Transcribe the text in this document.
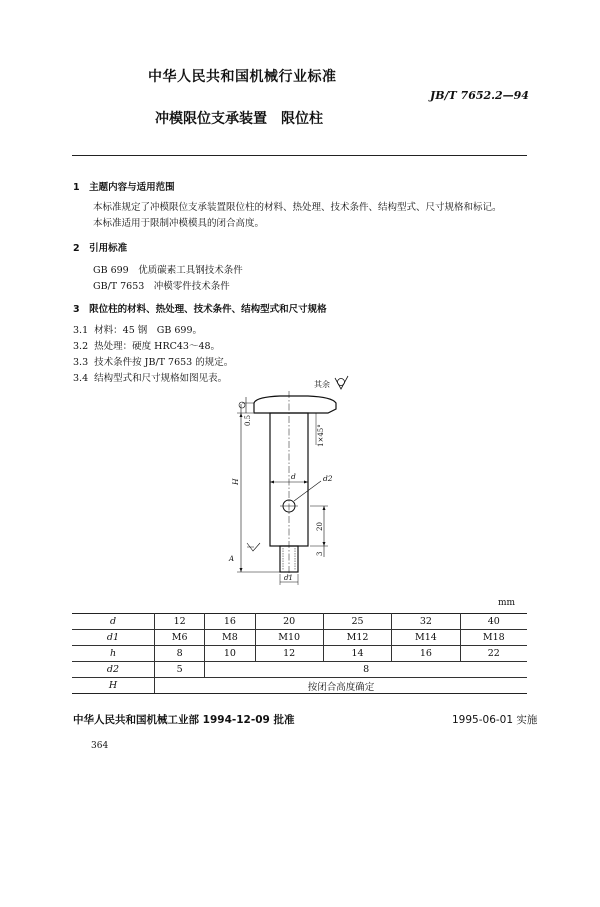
中华人民共和国机械行业标准
JB/T 7652.2—94
冲模限位支承装置　限位柱
1　主题内容与适用范围
本标准规定了冲模限位支承装置限位柱的材料、热处理、技术条件、结构型式、尺寸规格和标记。
本标准适用于限制冲模模具的闭合高度。
2　引用标准
GB 699　优质碳素工具钢技术条件
GB/T 7653　冲模零件技术条件
3　限位柱的材料、热处理、技术条件、结构型式和尺寸规格
3.1 材料：45 钢　GB 699。
3.2 热处理：硬度 HRC43～48。
3.3 技术条件按 JB/T 7653 的规定。
3.4 结构型式和尺寸规格如图见表。
其余
d	d2
H
0.5
1×45°
20
3
d1
A
mm
d	12	16	20	25	32	40
d1	M6	M8	M10	M12	M14	M18
h	8	10	12	14	16	22
d2	5	8				
H	按闭合高度确定					
中华人民共和国机械工业部 1994-12-09 批准	1995-06-01 实施
364
